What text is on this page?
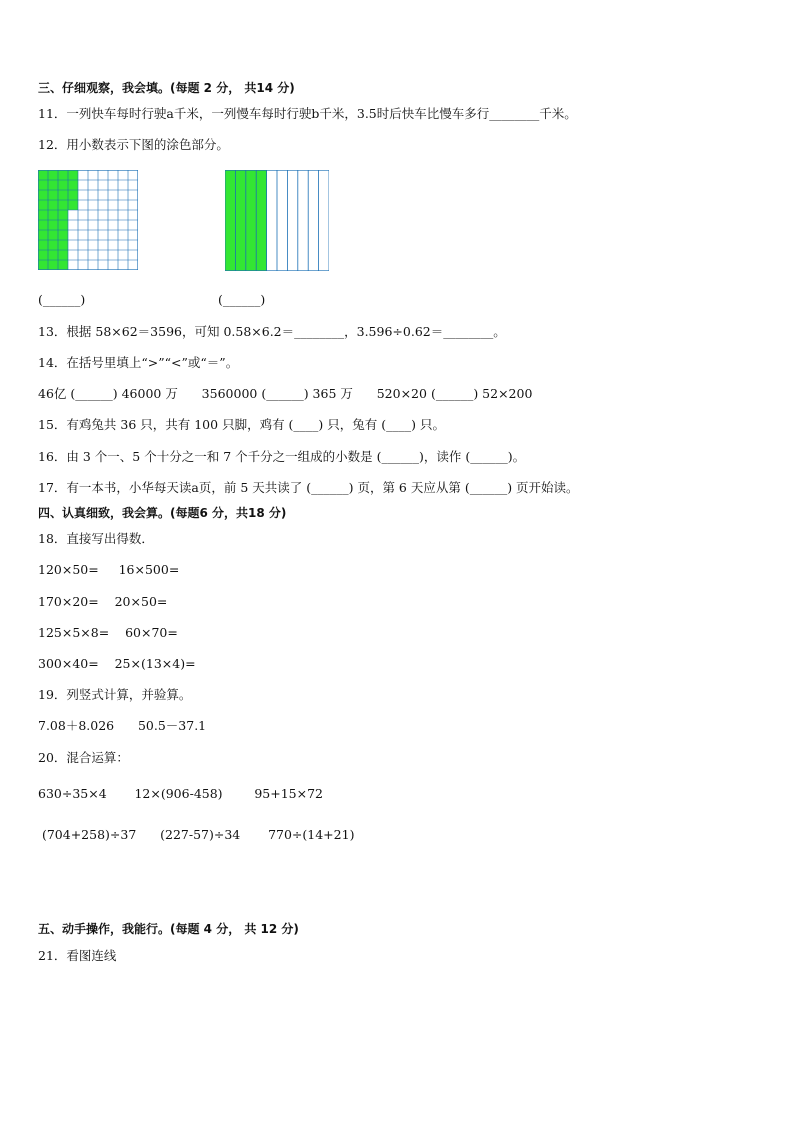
三、仔细观察，我会填。(每题 2 分， 共14 分)
11．一列快车每时行驶a千米，一列慢车每时行驶b千米，3.5时后快车比慢车多行________千米。
12．用小数表示下图的涂色部分。
(______)	(______)
13．根据 58×62＝3596，可知 0.58×6.2＝________，3.596÷0.62＝________。
14．在括号里填上“>”“<”或“＝”。
46亿 (______) 46000 万      3560000 (______) 365 万      520×20 (______) 52×200
15．有鸡兔共 36 只，共有 100 只脚，鸡有 (____) 只，兔有 (____) 只。
16．由 3 个一、5 个十分之一和 7 个千分之一组成的小数是 (______)，读作 (______)。
17．有一本书，小华每天读a页，前 5 天共读了 (______) 页，第 6 天应从第 (______) 页开始读。
四、认真细致，我会算。(每题6 分，共18 分)
18．直接写出得数．
120×50=     16×500=
170×20=    20×50=
125×5×8=    60×70=
300×40=    25×(13×4)=
19．列竖式计算，并验算。
7.08＋8.026      50.5－37.1
20．混合运算：
630÷35×4       12×(906-458)        95+15×72
(704+258)÷37      (227-57)÷34       770÷(14+21)
五、动手操作，我能行。(每题 4 分， 共 12 分)
21．看图连线
